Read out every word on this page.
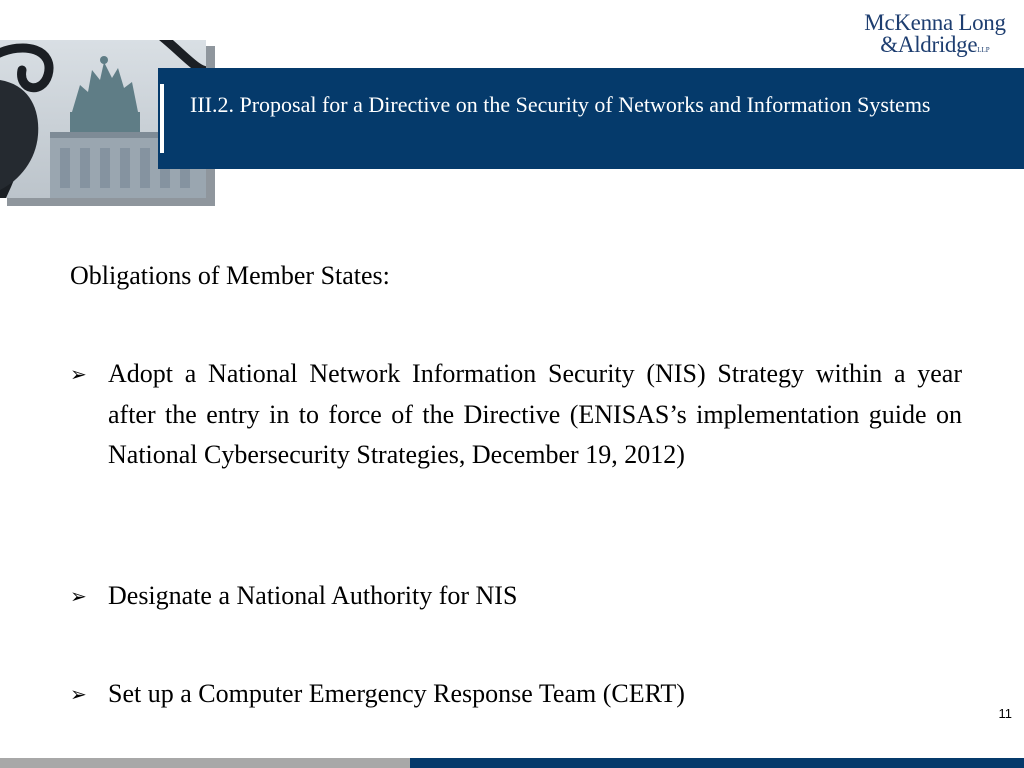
McKenna Long
&AldridgeLLP
III.2. Proposal for a Directive on the Security of Networks and Information Systems
Obligations of Member States:
➢ Adopt a National Network Information Security (NIS) Strategy within a year after the entry in to force of the Directive (ENISAS’s implementation guide on National Cybersecurity Strategies, December 19, 2012)
➢ Designate a National Authority for NIS
➢ Set up a Computer Emergency Response Team (CERT)
11
